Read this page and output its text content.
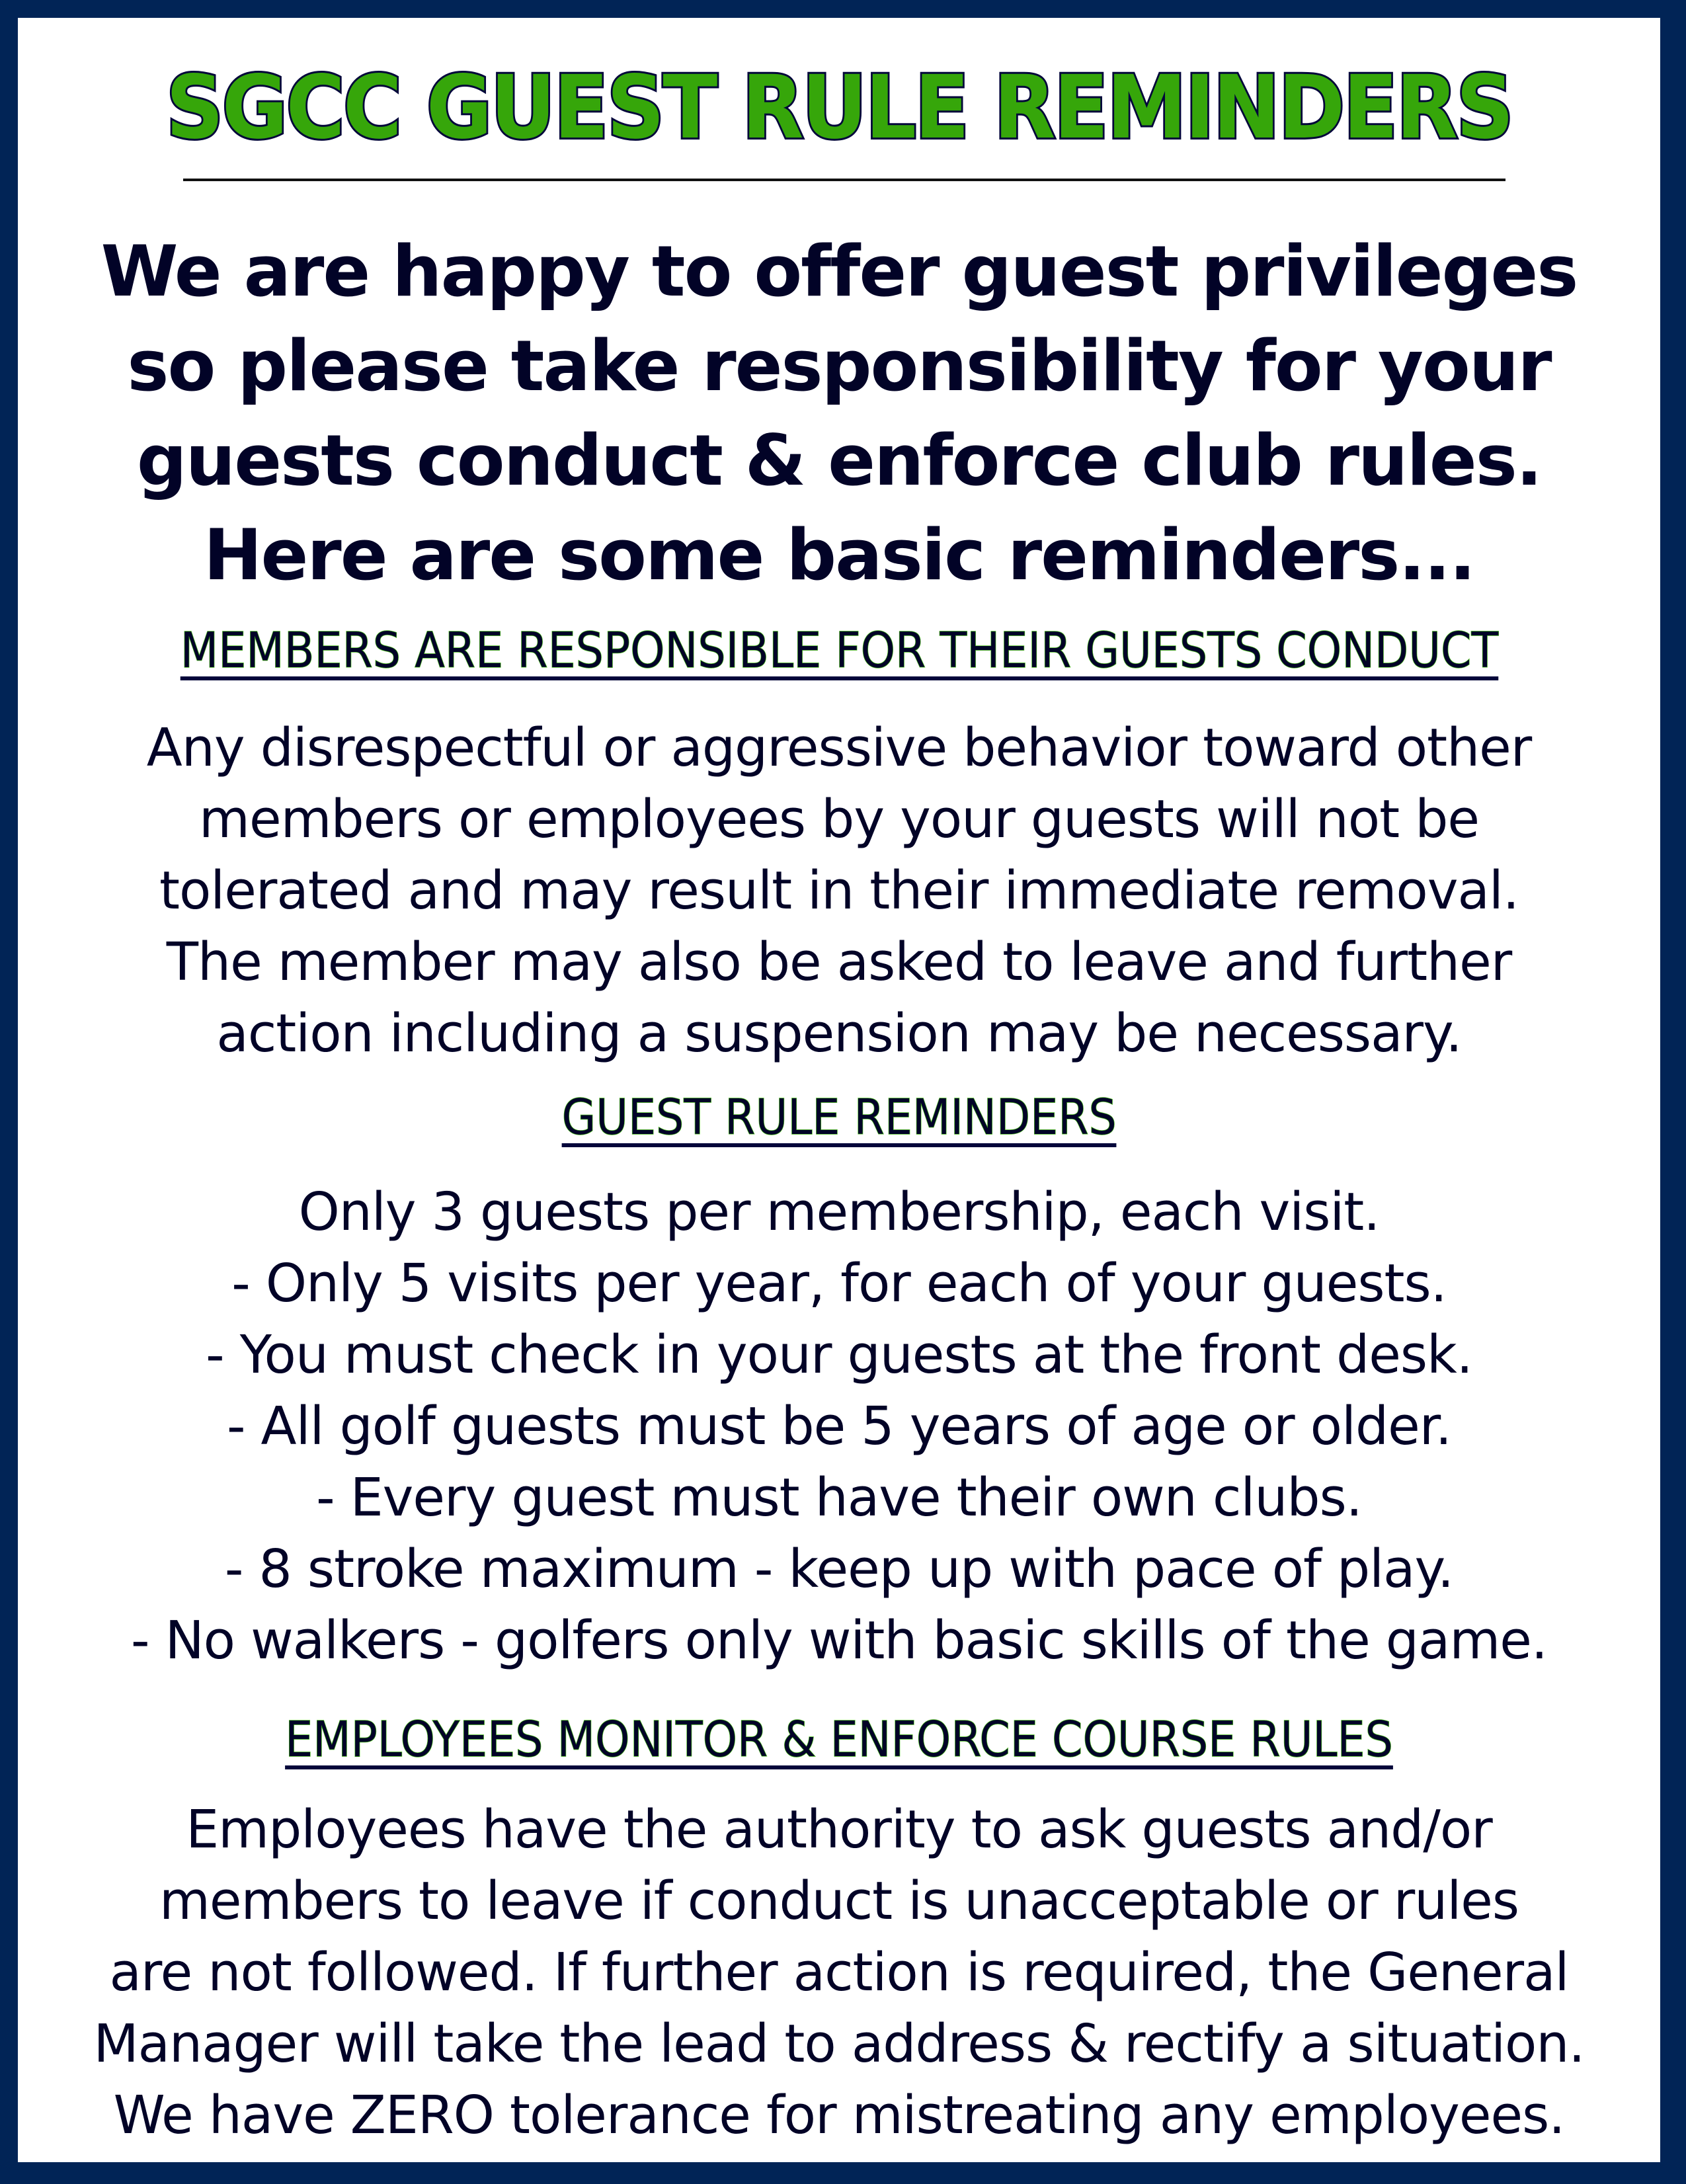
SGCC GUEST RULE REMINDERS
We are happy to offer guest privileges
so please take responsibility for your
guests conduct & enforce club rules.
Here are some basic reminders...
MEMBERS ARE RESPONSIBLE FOR THEIR GUESTS CONDUCT
Any disrespectful or aggressive behavior toward other
members or employees by your guests will not be
tolerated and may result in their immediate removal.
The member may also be asked to leave and further
action including a suspension may be necessary.
GUEST RULE REMINDERS
Only 3 guests per membership, each visit.
- Only 5 visits per year, for each of your guests.
- You must check in your guests at the front desk.
- All golf guests must be 5 years of age or older.
- Every guest must have their own clubs.
- 8 stroke maximum - keep up with pace of play.
- No walkers - golfers only with basic skills of the game.
EMPLOYEES MONITOR & ENFORCE COURSE RULES
Employees have the authority to ask guests and/or
members to leave if conduct is unacceptable or rules
are not followed. If further action is required, the General
Manager will take the lead to address & rectify a situation.
We have ZERO tolerance for mistreating any employees.
